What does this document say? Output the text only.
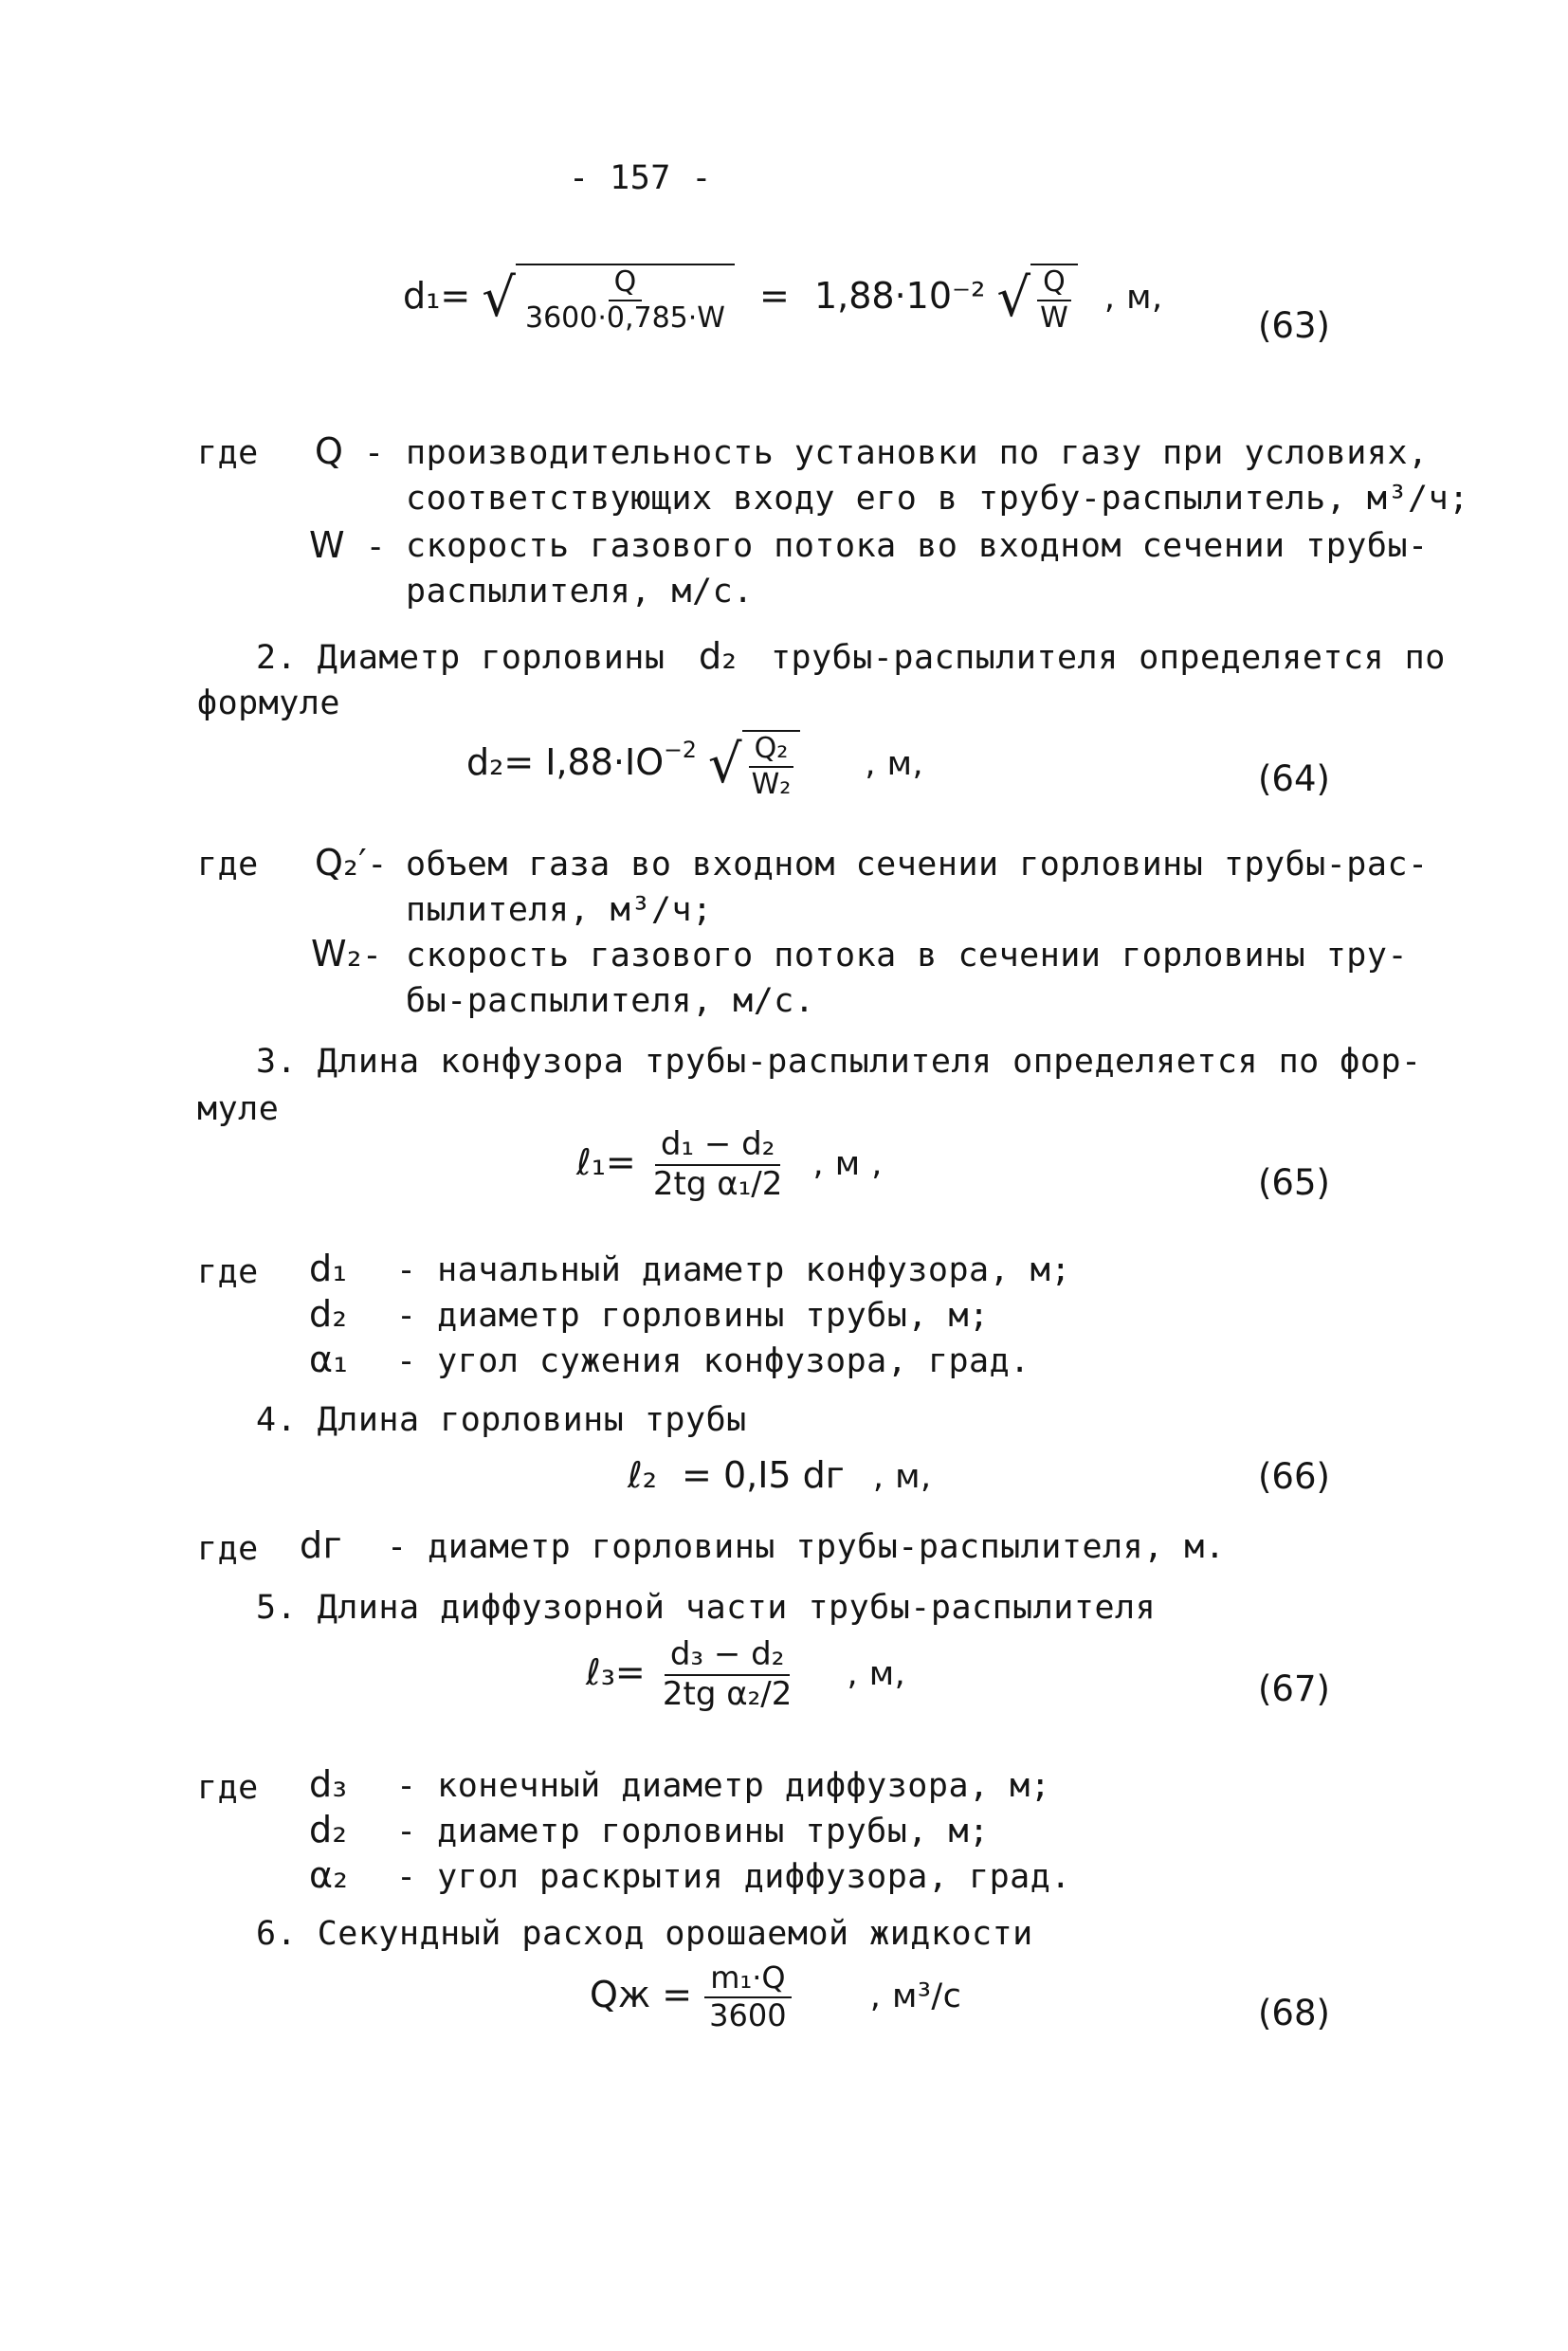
- 157 -
d₁= √ $\frac{Q}{3600\cdot 0,785\cdot W} = 1,88\cdot 10^{-2}$ √ $\frac{Q}{W}$ , м,
(63)
где Q - производительность установки по газу при условиях,
соответствующих входу его в трубу-распылитель, м³/ч;
W - скорость газового потока во входном сечении трубы-
распылителя, м/с.
2. Диаметр горловины d₂ трубы-распылителя определяется по
формуле
$d_2= I,88\cdot IO^{-2}$ √ $\frac{\text{Q₂}}{\text{W₂}}$ , м,	(64)
где Q₂′- объем газа во входном сечении горловины трубы-рас-
пылителя, м³/ч;
W₂- скорость газового потока в сечении горловины тру-
бы-распылителя, м/с.
3. Длина конфузора трубы-распылителя определяется по фор-
муле
ℓ₁= $\frac{\text{d₁ − d₂}}{\text{2tg α₁/2}}$ , м ,	(65)
где d₁ - начальный диаметр конфузора, м;
d₂ - диаметр горловины трубы, м;
α₁ - угол сужения конфузора, град.
4. Длина горловины трубы
ℓ₂ = 0,I5 dг , м,	(66)
где dг - диаметр горловины трубы-распылителя, м.
5. Длина диффузорной части трубы-распылителя
ℓ₃= $\frac{\text{d₃ − d₂}}{\text{2tg α₂/2}}$ , м,	(67)
где d₃ - конечный диаметр диффузора, м;
d₂ - диаметр горловины трубы, м;
α₂ - угол раскрытия диффузора, град.
6. Секундный расход орошаемой жидкости
Qж = $\frac{\text{m₁·Q}}{3600}$ , м³/c	(68)
